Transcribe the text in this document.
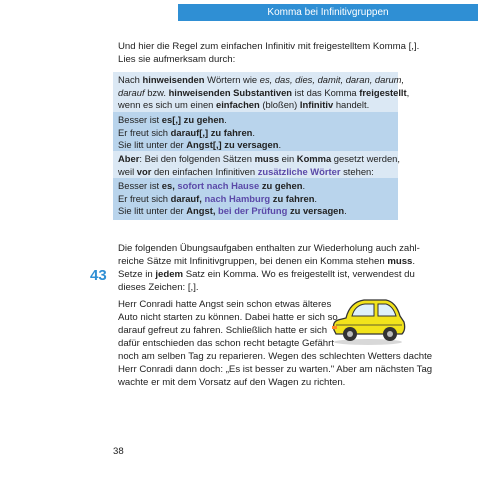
Komma bei Infinitivgruppen
Und hier die Regel zum einfachen Infinitiv mit freigestelltem Komma [,].
Lies sie aufmerksam durch:
Nach hinweisenden Wörtern wie es, das, dies, damit, daran, darum,
darauf bzw. hinweisenden Substantiven ist das Komma freigestellt,
wenn es sich um einen einfachen (bloßen) Infinitiv handelt.
Besser ist es[,] zu gehen.
Er freut sich darauf[,] zu fahren.
Sie litt unter der Angst[,] zu versagen.
Aber: Bei den folgenden Sätzen muss ein Komma gesetzt werden,
weil vor den einfachen Infinitiven zusätzliche Wörter stehen:
Besser ist es, sofort nach Hause zu gehen.
Er freut sich darauf, nach Hamburg zu fahren.
Sie litt unter der Angst, bei der Prüfung zu versagen.
Die folgenden Übungsaufgaben enthalten zur Wiederholung auch zahl-
reiche Sätze mit Infinitivgruppen, bei denen ein Komma stehen muss.
43 Setze in jedem Satz ein Komma. Wo es freigestellt ist, verwendest du
dieses Zeichen: [,].
Herr Conradi hatte Angst sein schon etwas älteres
Auto nicht starten zu können. Dabei hatte er sich so
darauf gefreut zu fahren. Schließlich hatte er sich
dafür entschieden das schon recht betagte Gefährt
noch am selben Tag zu reparieren. Wegen des schlechten Wetters dachte
Herr Conradi dann doch: „Es ist besser zu warten." Aber am nächsten Tag
wachte er mit dem Vorsatz auf den Wagen zu richten.
38
